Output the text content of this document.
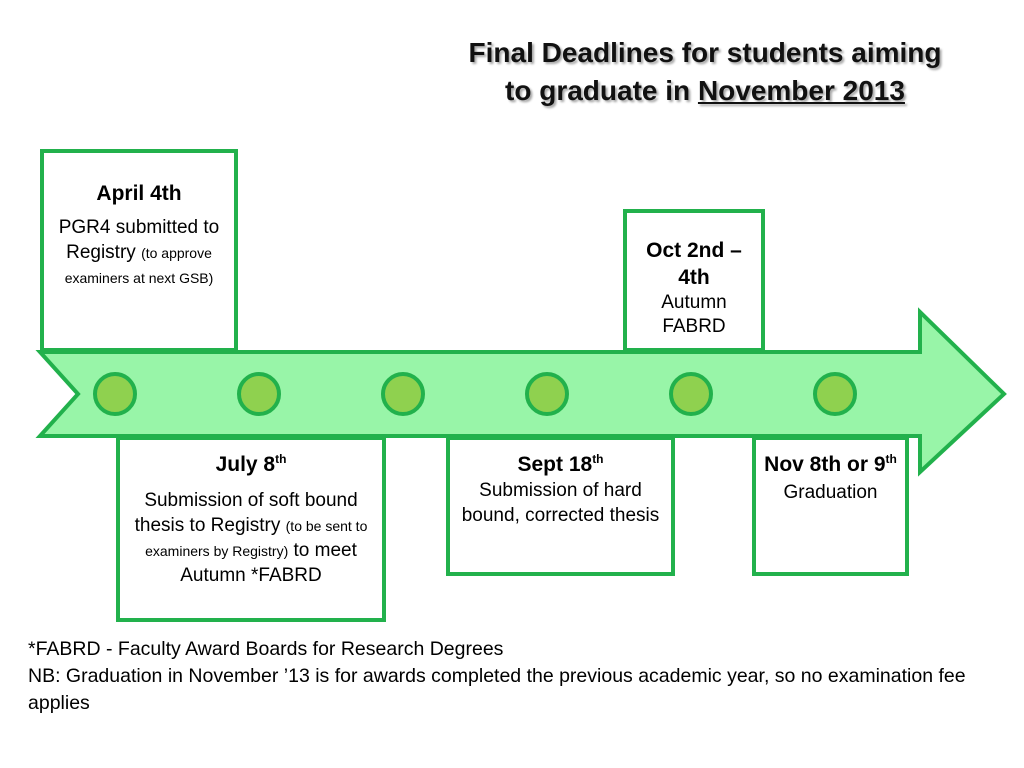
Final Deadlines for students aiming
to graduate in November 2013
April 4th
PGR4 submitted to Registry (to approve examiners at next GSB)
Oct 2nd – 4th
Autumn FABRD
July 8th
Submission of soft bound thesis to Registry (to be sent to examiners by Registry) to meet Autumn *FABRD
Sept 18th
Submission of hard bound, corrected thesis
Nov 8th or 9th
Graduation
*FABRD - Faculty Award Boards for Research Degrees
NB: Graduation in November ’13 is for awards completed the previous academic year, so no examination fee applies
